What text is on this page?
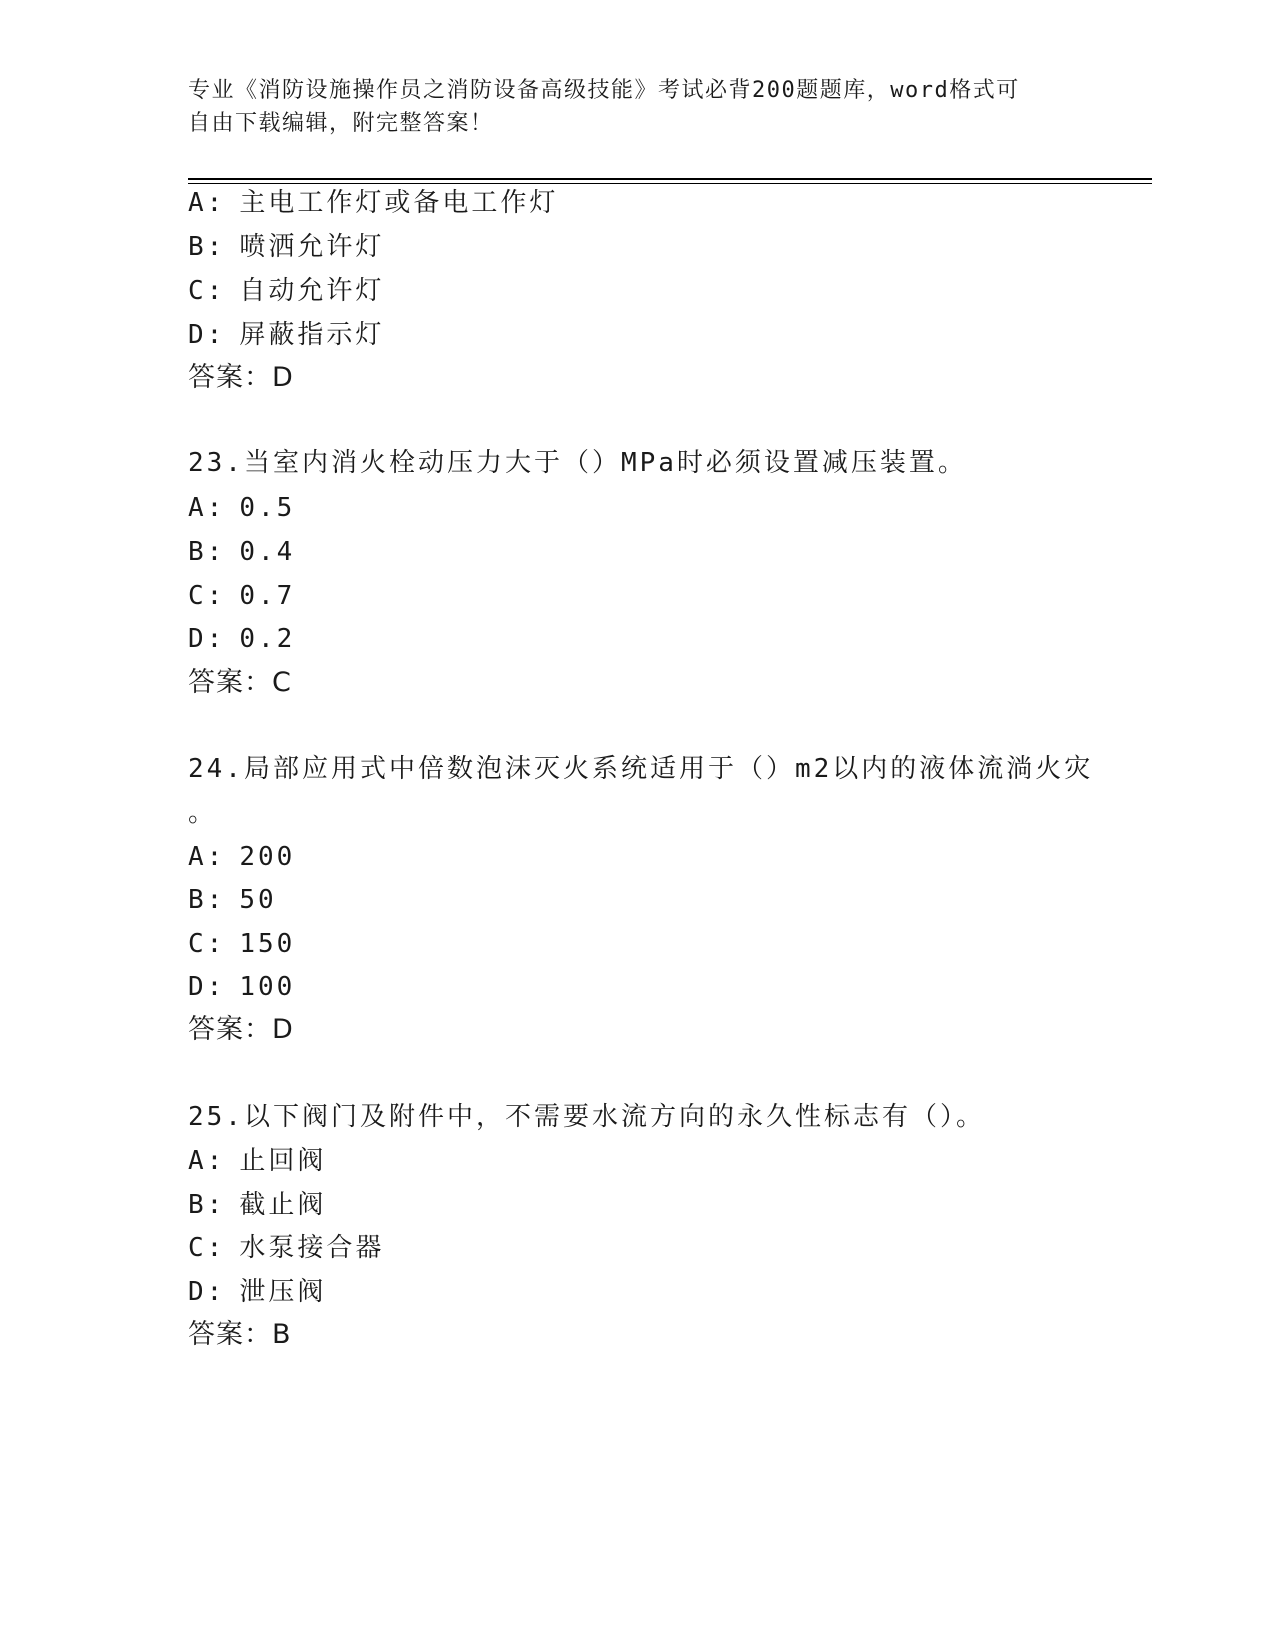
专业《消防设施操作员之消防设备高级技能》考试必背200题题库，word格式可
自由下载编辑，附完整答案！
A: 主电工作灯或备电工作灯
B: 喷洒允许灯
C: 自动允许灯
D: 屏蔽指示灯
答案：D
23.当室内消火栓动压力大于（）MPa时必须设置减压装置。
A: 0.5
B: 0.4
C: 0.7
D: 0.2
答案：C
24.局部应用式中倍数泡沫灭火系统适用于（）m2以内的液体流淌火灾
。
A: 200
B: 50
C: 150
D: 100
答案：D
25.以下阀门及附件中，不需要水流方向的永久性标志有（）。
A: 止回阀
B: 截止阀
C: 水泵接合器
D: 泄压阀
答案：B
